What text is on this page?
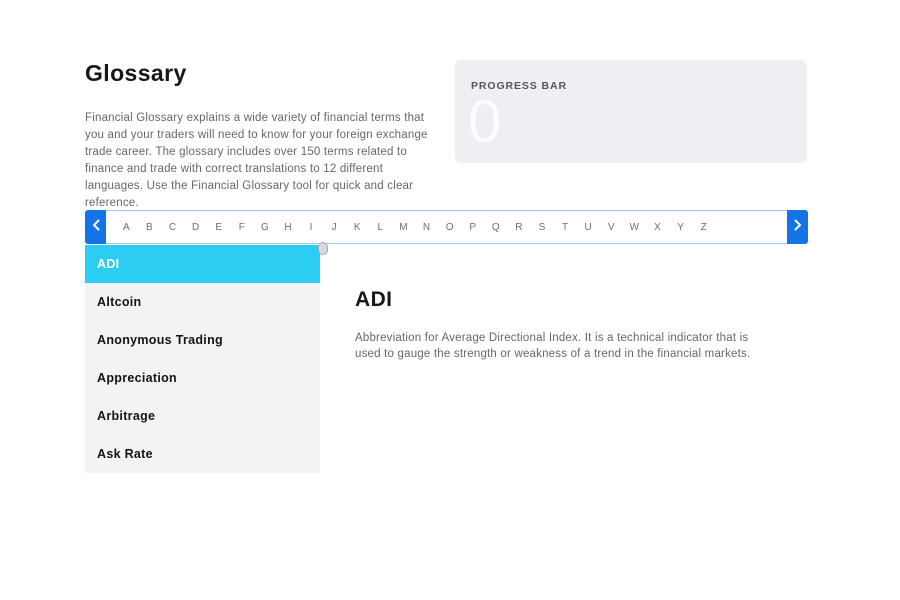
Glossary

Financial Glossary explains a wide variety of financial terms that you and your traders will need to know for your foreign exchange trade career. The glossary includes over 150 terms related to finance and trade with correct translations to 12 different languages. Use the Financial Glossary tool for quick and clear reference.

PROGRESS BAR
0
A	B	C	D	E	F	G	H	I	J	K	L	M	N	O	P	Q	R	S	T	U	V	W	X	Y	Z
ADI
Altcoin
Anonymous Trading
Appreciation
Arbitrage
Ask Rate
ADI

Abbreviation for Average Directional Index. It is a technical indicator that is used to gauge the strength or weakness of a trend in the financial markets.
